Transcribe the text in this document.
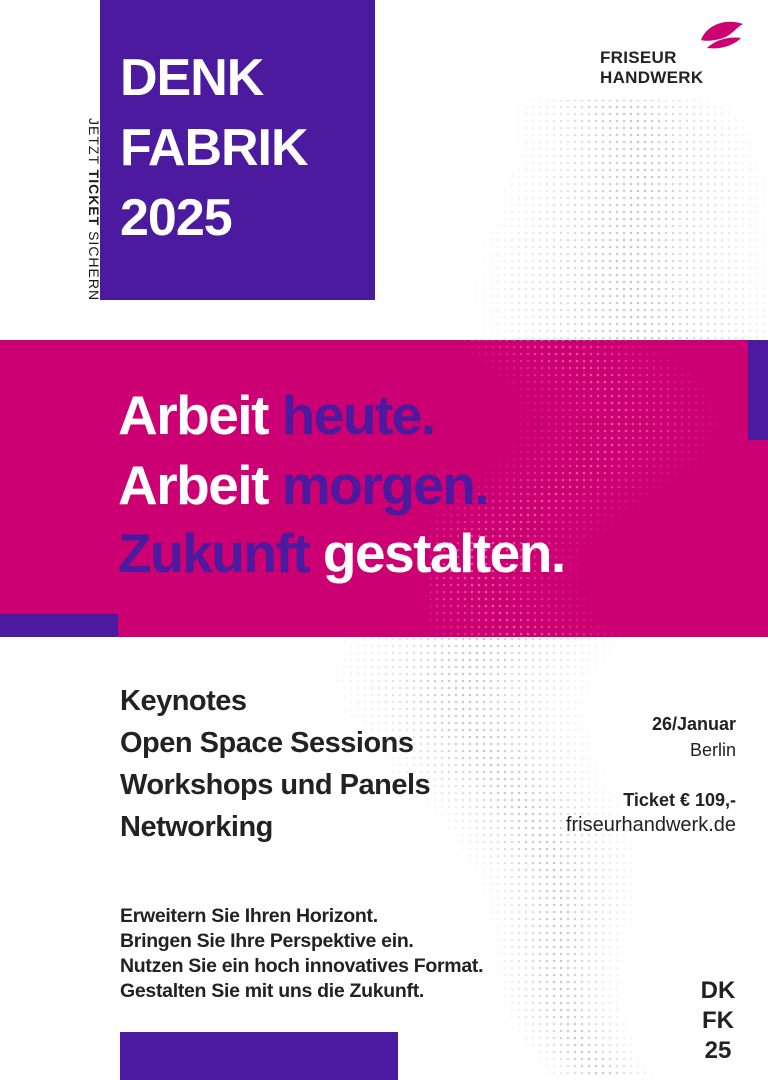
DENK
FABRIK
2025
JETZT TICKET SICHERN
FRISEUR
HANDWERK
Arbeit heute.
Arbeit morgen.
Zukunft gestalten.
Keynotes
Open Space Sessions
Workshops und Panels
Networking
26/Januar
Berlin
Ticket € 109,-
friseurhandwerk.de
Erweitern Sie Ihren Horizont.
Bringen Sie Ihre Perspektive ein.
Nutzen Sie ein hoch innovatives Format.
Gestalten Sie mit uns die Zukunft.	DK
FK
25
